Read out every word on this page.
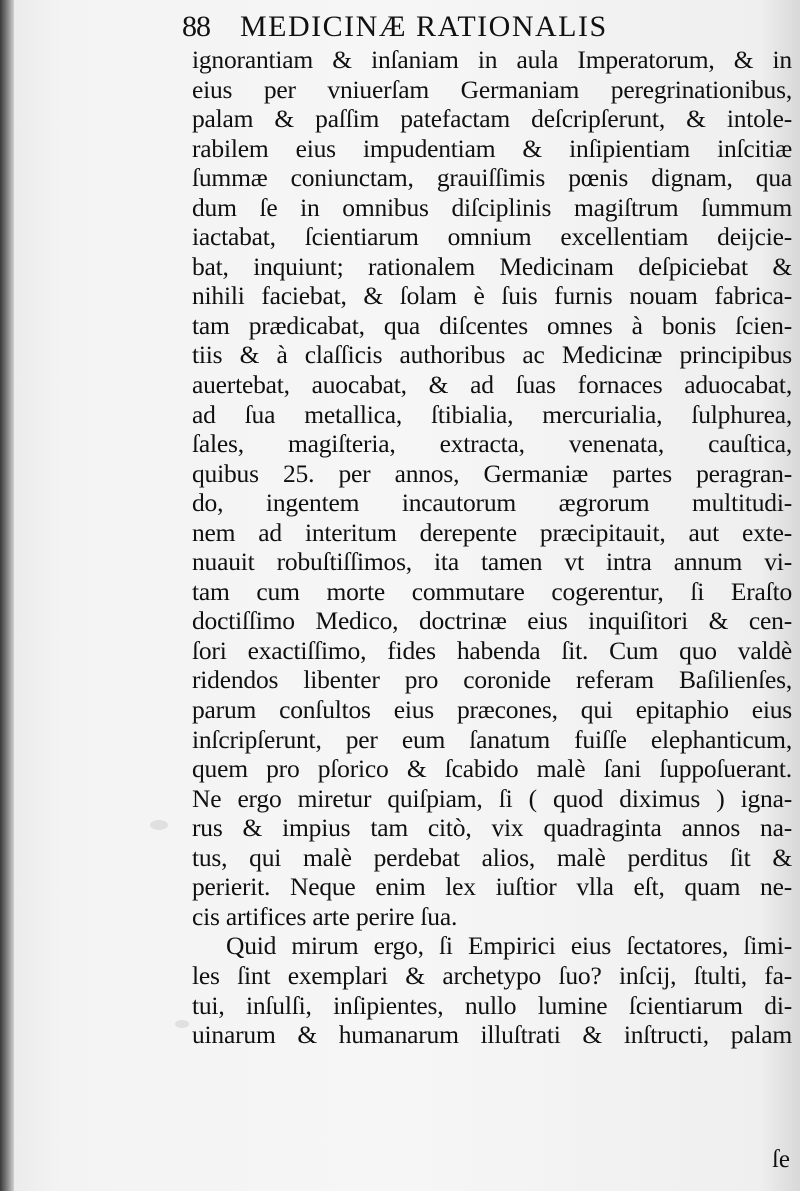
88 MEDICINÆ RATIONALIS
ignorantiam & inſaniam in aula Imperatorum, & in
eius per vniuerſam Germaniam peregrinationibus,
palam & paſſim patefactam deſcripſerunt, & intole-
rabilem eius impudentiam & inſipientiam inſcitiæ
ſummæ coniunctam, grauiſſimis pœnis dignam, qua
dum ſe in omnibus diſciplinis magiſtrum ſummum
iactabat, ſcientiarum omnium excellentiam deijcie-
bat, inquiunt; rationalem Medicinam deſpiciebat &
nihili faciebat, & ſolam è ſuis furnis nouam fabrica-
tam prædicabat, qua diſcentes omnes à bonis ſcien-
tiis & à claſſicis authoribus ac Medicinæ principibus
auertebat, auocabat, & ad ſuas fornaces aduocabat,
ad ſua metallica, ſtibialia, mercurialia, ſulphurea,
ſales, magiſteria, extracta, venenata, cauſtica,
quibus 25. per annos, Germaniæ partes peragran-
do, ingentem incautorum ægrorum multitudi-
nem ad interitum derepente præcipitauit, aut exte-
nuauit robuſtiſſimos, ita tamen vt intra annum vi-
tam cum morte commutare cogerentur, ſi Eraſto
doctiſſimo Medico, doctrinæ eius inquiſitori & cen-
ſori exactiſſimo, fides habenda ſit. Cum quo valdè
ridendos libenter pro coronide referam Baſilienſes,
parum conſultos eius præcones, qui epitaphio eius
inſcripſerunt, per eum ſanatum fuiſſe elephanticum,
quem pro pſorico & ſcabido malè ſani ſuppoſuerant.
Ne ergo miretur quiſpiam, ſi ( quod diximus ) igna-
rus & impius tam citò, vix quadraginta annos na-
tus, qui malè perdebat alios, malè perditus ſit &
perierit. Neque enim lex iuſtior vlla eſt, quam ne-
cis artifices arte perire ſua.
Quid mirum ergo, ſi Empirici eius ſectatores, ſimi-
les ſint exemplari & archetypo ſuo? inſcij, ſtulti, fa-
tui, inſulſi, inſipientes, nullo lumine ſcientiarum di-
uinarum & humanarum illuſtrati & inſtructi, palam
ſe
